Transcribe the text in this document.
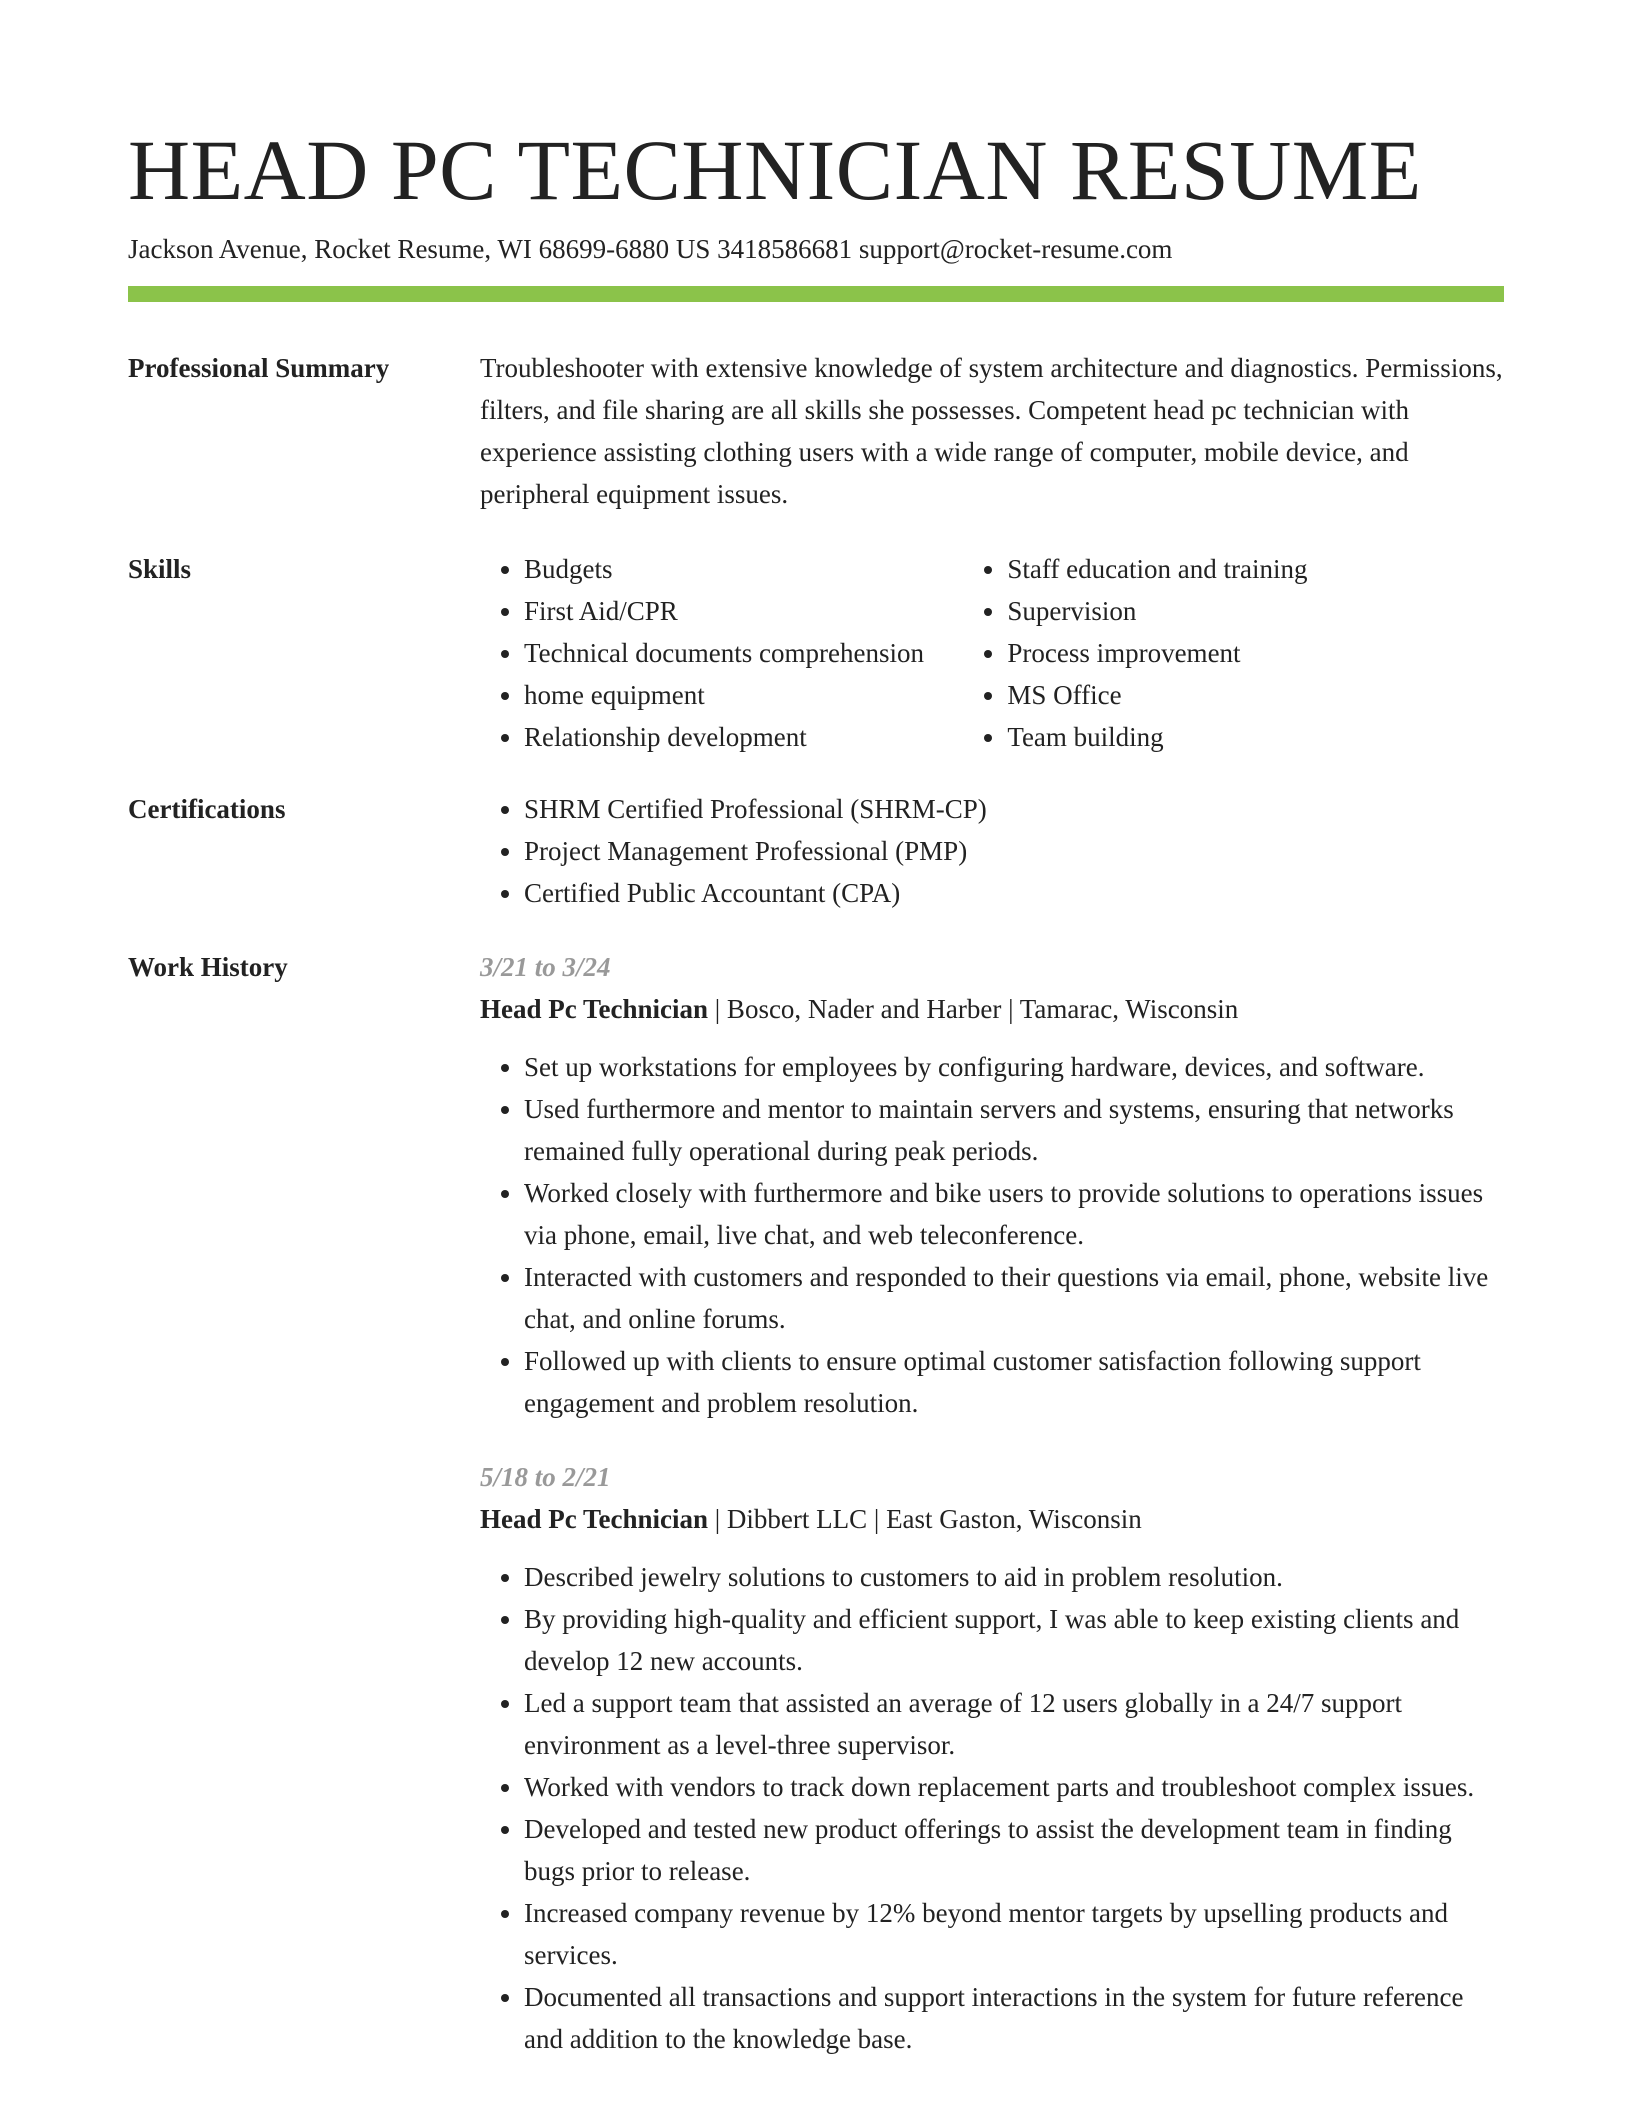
HEAD PC TECHNICIAN RESUME
Jackson Avenue, Rocket Resume, WI 68699-6880 US 3418586681 support@rocket-resume.com
Professional Summary	Troubleshooter with extensive knowledge of system architecture and diagnostics. Permissions, filters, and file sharing are all skills she possesses. Competent head pc technician with experience assisting clothing users with a wide range of computer, mobile device, and peripheral equipment issues.

Skills	• Budgets
• First Aid/CPR
• Technical documents comprehension
• home equipment
• Relationship development
• Staff education and training
• Supervision
• Process improvement
• MS Office
• Team building
Certifications	• SHRM Certified Professional (SHRM-CP)
• Project Management Professional (PMP)
• Certified Public Accountant (CPA)
Work History	3/21 to 3/24
Head Pc Technician | Bosco, Nader and Harber | Tamarac, Wisconsin
• Set up workstations for employees by configuring hardware, devices, and software.
• Used furthermore and mentor to maintain servers and systems, ensuring that networks remained fully operational during peak periods.
• Worked closely with furthermore and bike users to provide solutions to operations issues via phone, email, live chat, and web teleconference.
• Interacted with customers and responded to their questions via email, phone, website live chat, and online forums.
• Followed up with clients to ensure optimal customer satisfaction following support engagement and problem resolution.
5/18 to 2/21
Head Pc Technician | Dibbert LLC | East Gaston, Wisconsin
• Described jewelry solutions to customers to aid in problem resolution.
• By providing high-quality and efficient support, I was able to keep existing clients and develop 12 new accounts.
• Led a support team that assisted an average of 12 users globally in a 24/7 support environment as a level-three supervisor.
• Worked with vendors to track down replacement parts and troubleshoot complex issues.
• Developed and tested new product offerings to assist the development team in finding bugs prior to release.
• Increased company revenue by 12% beyond mentor targets by upselling products and services.
• Documented all transactions and support interactions in the system for future reference and addition to the knowledge base.
